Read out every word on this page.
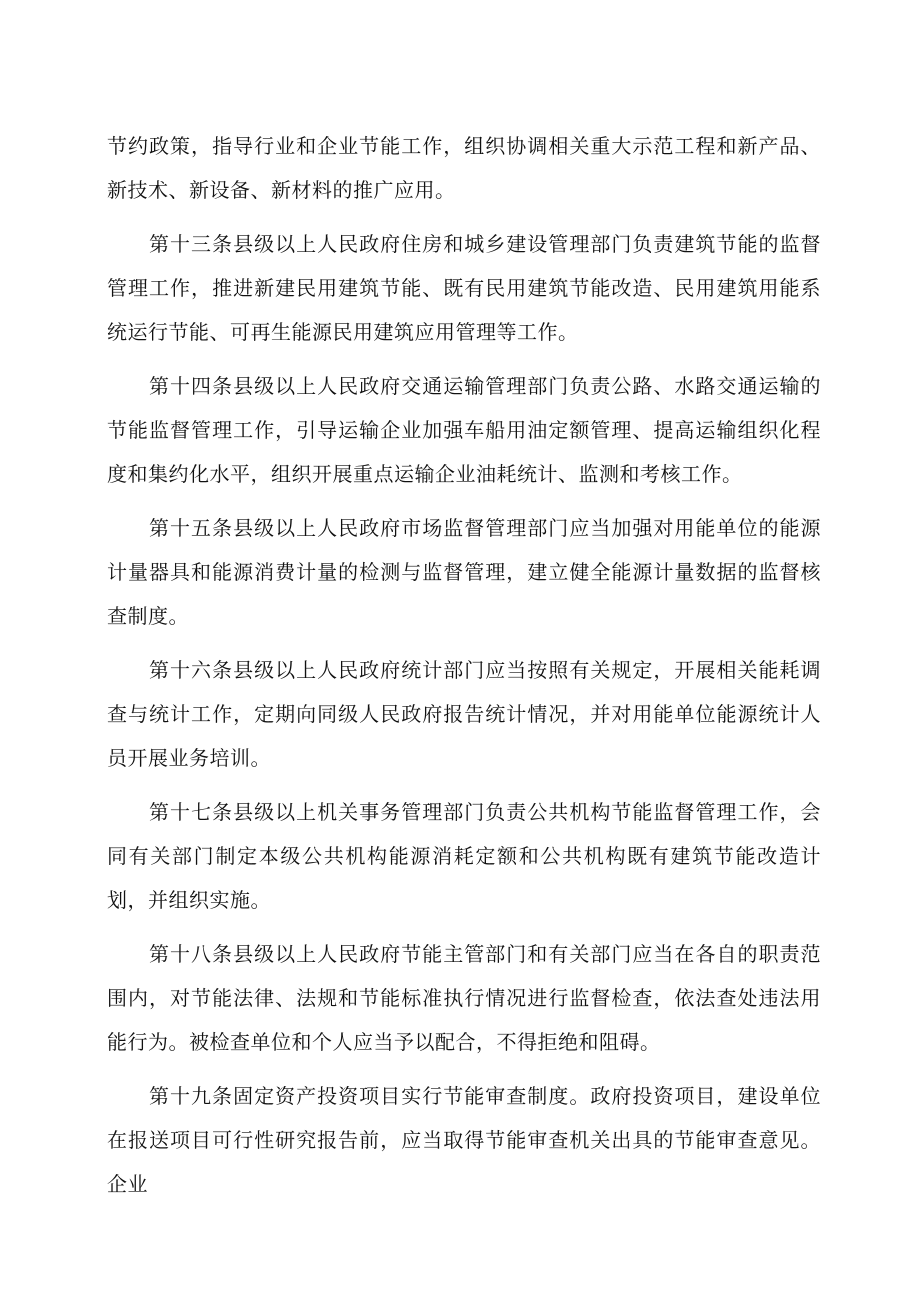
节约政策，指导行业和企业节能工作，组织协调相关重大示范工程和新产品、新技术、新设备、新材料的推广应用。

第十三条县级以上人民政府住房和城乡建设管理部门负责建筑节能的监督管理工作，推进新建民用建筑节能、既有民用建筑节能改造、民用建筑用能系统运行节能、可再生能源民用建筑应用管理等工作。

第十四条县级以上人民政府交通运输管理部门负责公路、水路交通运输的节能监督管理工作，引导运输企业加强车船用油定额管理、提高运输组织化程度和集约化水平，组织开展重点运输企业油耗统计、监测和考核工作。

第十五条县级以上人民政府市场监督管理部门应当加强对用能单位的能源计量器具和能源消费计量的检测与监督管理，建立健全能源计量数据的监督核查制度。

第十六条县级以上人民政府统计部门应当按照有关规定，开展相关能耗调查与统计工作，定期向同级人民政府报告统计情况，并对用能单位能源统计人员开展业务培训。

第十七条县级以上机关事务管理部门负责公共机构节能监督管理工作，会同有关部门制定本级公共机构能源消耗定额和公共机构既有建筑节能改造计划，并组织实施。

第十八条县级以上人民政府节能主管部门和有关部门应当在各自的职责范围内，对节能法律、法规和节能标准执行情况进行监督检查，依法查处违法用能行为。被检查单位和个人应当予以配合，不得拒绝和阻碍。

第十九条固定资产投资项目实行节能审查制度。政府投资项目，建设单位在报送项目可行性研究报告前，应当取得节能审查机关出具的节能审查意见。企业
